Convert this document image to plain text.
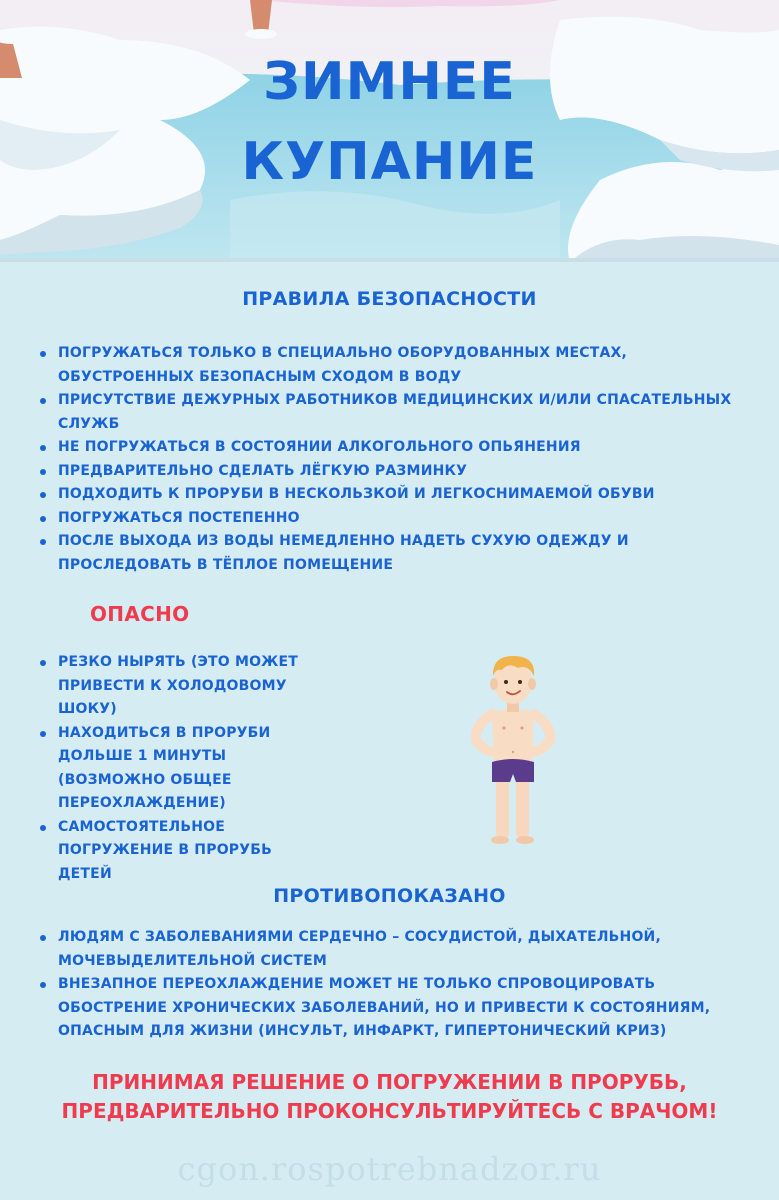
ЗИМНЕЕ
КУПАНИЕ
ПРАВИЛА БЕЗОПАСНОСТИ
ПОГРУЖАТЬСЯ ТОЛЬКО В СПЕЦИАЛЬНО ОБОРУДОВАННЫХ МЕСТАХ, ОБУСТРОЕННЫХ БЕЗОПАСНЫМ СХОДОМ В ВОДУ
ПРИСУТСТВИЕ ДЕЖУРНЫХ РАБОТНИКОВ МЕДИЦИНСКИХ И/ИЛИ СПАСАТЕЛЬНЫХ СЛУЖБ
НЕ ПОГРУЖАТЬСЯ В СОСТОЯНИИ АЛКОГОЛЬНОГО ОПЬЯНЕНИЯ
ПРЕДВАРИТЕЛЬНО СДЕЛАТЬ ЛЁГКУЮ РАЗМИНКУ
ПОДХОДИТЬ К ПРОРУБИ В НЕСКОЛЬЗКОЙ И ЛЕГКОСНИМАЕМОЙ ОБУВИ
ПОГРУЖАТЬСЯ ПОСТЕПЕННО
ПОСЛЕ ВЫХОДА ИЗ ВОДЫ НЕМЕДЛЕННО НАДЕТЬ СУХУЮ ОДЕЖДУ И ПРОСЛЕДОВАТЬ В ТЁПЛОЕ ПОМЕЩЕНИЕ
ОПАСНО
РЕЗКО НЫРЯТЬ (ЭТО МОЖЕТ ПРИВЕСТИ К ХОЛОДОВОМУ ШОКУ)
НАХОДИТЬСЯ В ПРОРУБИ ДОЛЬШЕ 1 МИНУТЫ (ВОЗМОЖНО ОБЩЕЕ ПЕРЕОХЛАЖДЕНИЕ)
САМОСТОЯТЕЛЬНОЕ ПОГРУЖЕНИЕ В ПРОРУБЬ ДЕТЕЙ
ПРОТИВОПОКАЗАНО
ЛЮДЯМ С ЗАБОЛЕВАНИЯМИ СЕРДЕЧНО – СОСУДИСТОЙ, ДЫХАТЕЛЬНОЙ, МОЧЕВЫДЕЛИТЕЛЬНОЙ СИСТЕМ
ВНЕЗАПНОЕ ПЕРЕОХЛАЖДЕНИЕ МОЖЕТ НЕ ТОЛЬКО СПРОВОЦИРОВАТЬ ОБОСТРЕНИЕ ХРОНИЧЕСКИХ ЗАБОЛЕВАНИЙ, НО И ПРИВЕСТИ К СОСТОЯНИЯМ, ОПАСНЫМ ДЛЯ ЖИЗНИ (ИНСУЛЬТ, ИНФАРКТ, ГИПЕРТОНИЧЕСКИЙ КРИЗ)
ПРИНИМАЯ РЕШЕНИЕ О ПОГРУЖЕНИИ В ПРОРУБЬ,
ПРЕДВАРИТЕЛЬНО ПРОКОНСУЛЬТИРУЙТЕСЬ С ВРАЧОМ!
cgon.rospotrebnadzor.ru
